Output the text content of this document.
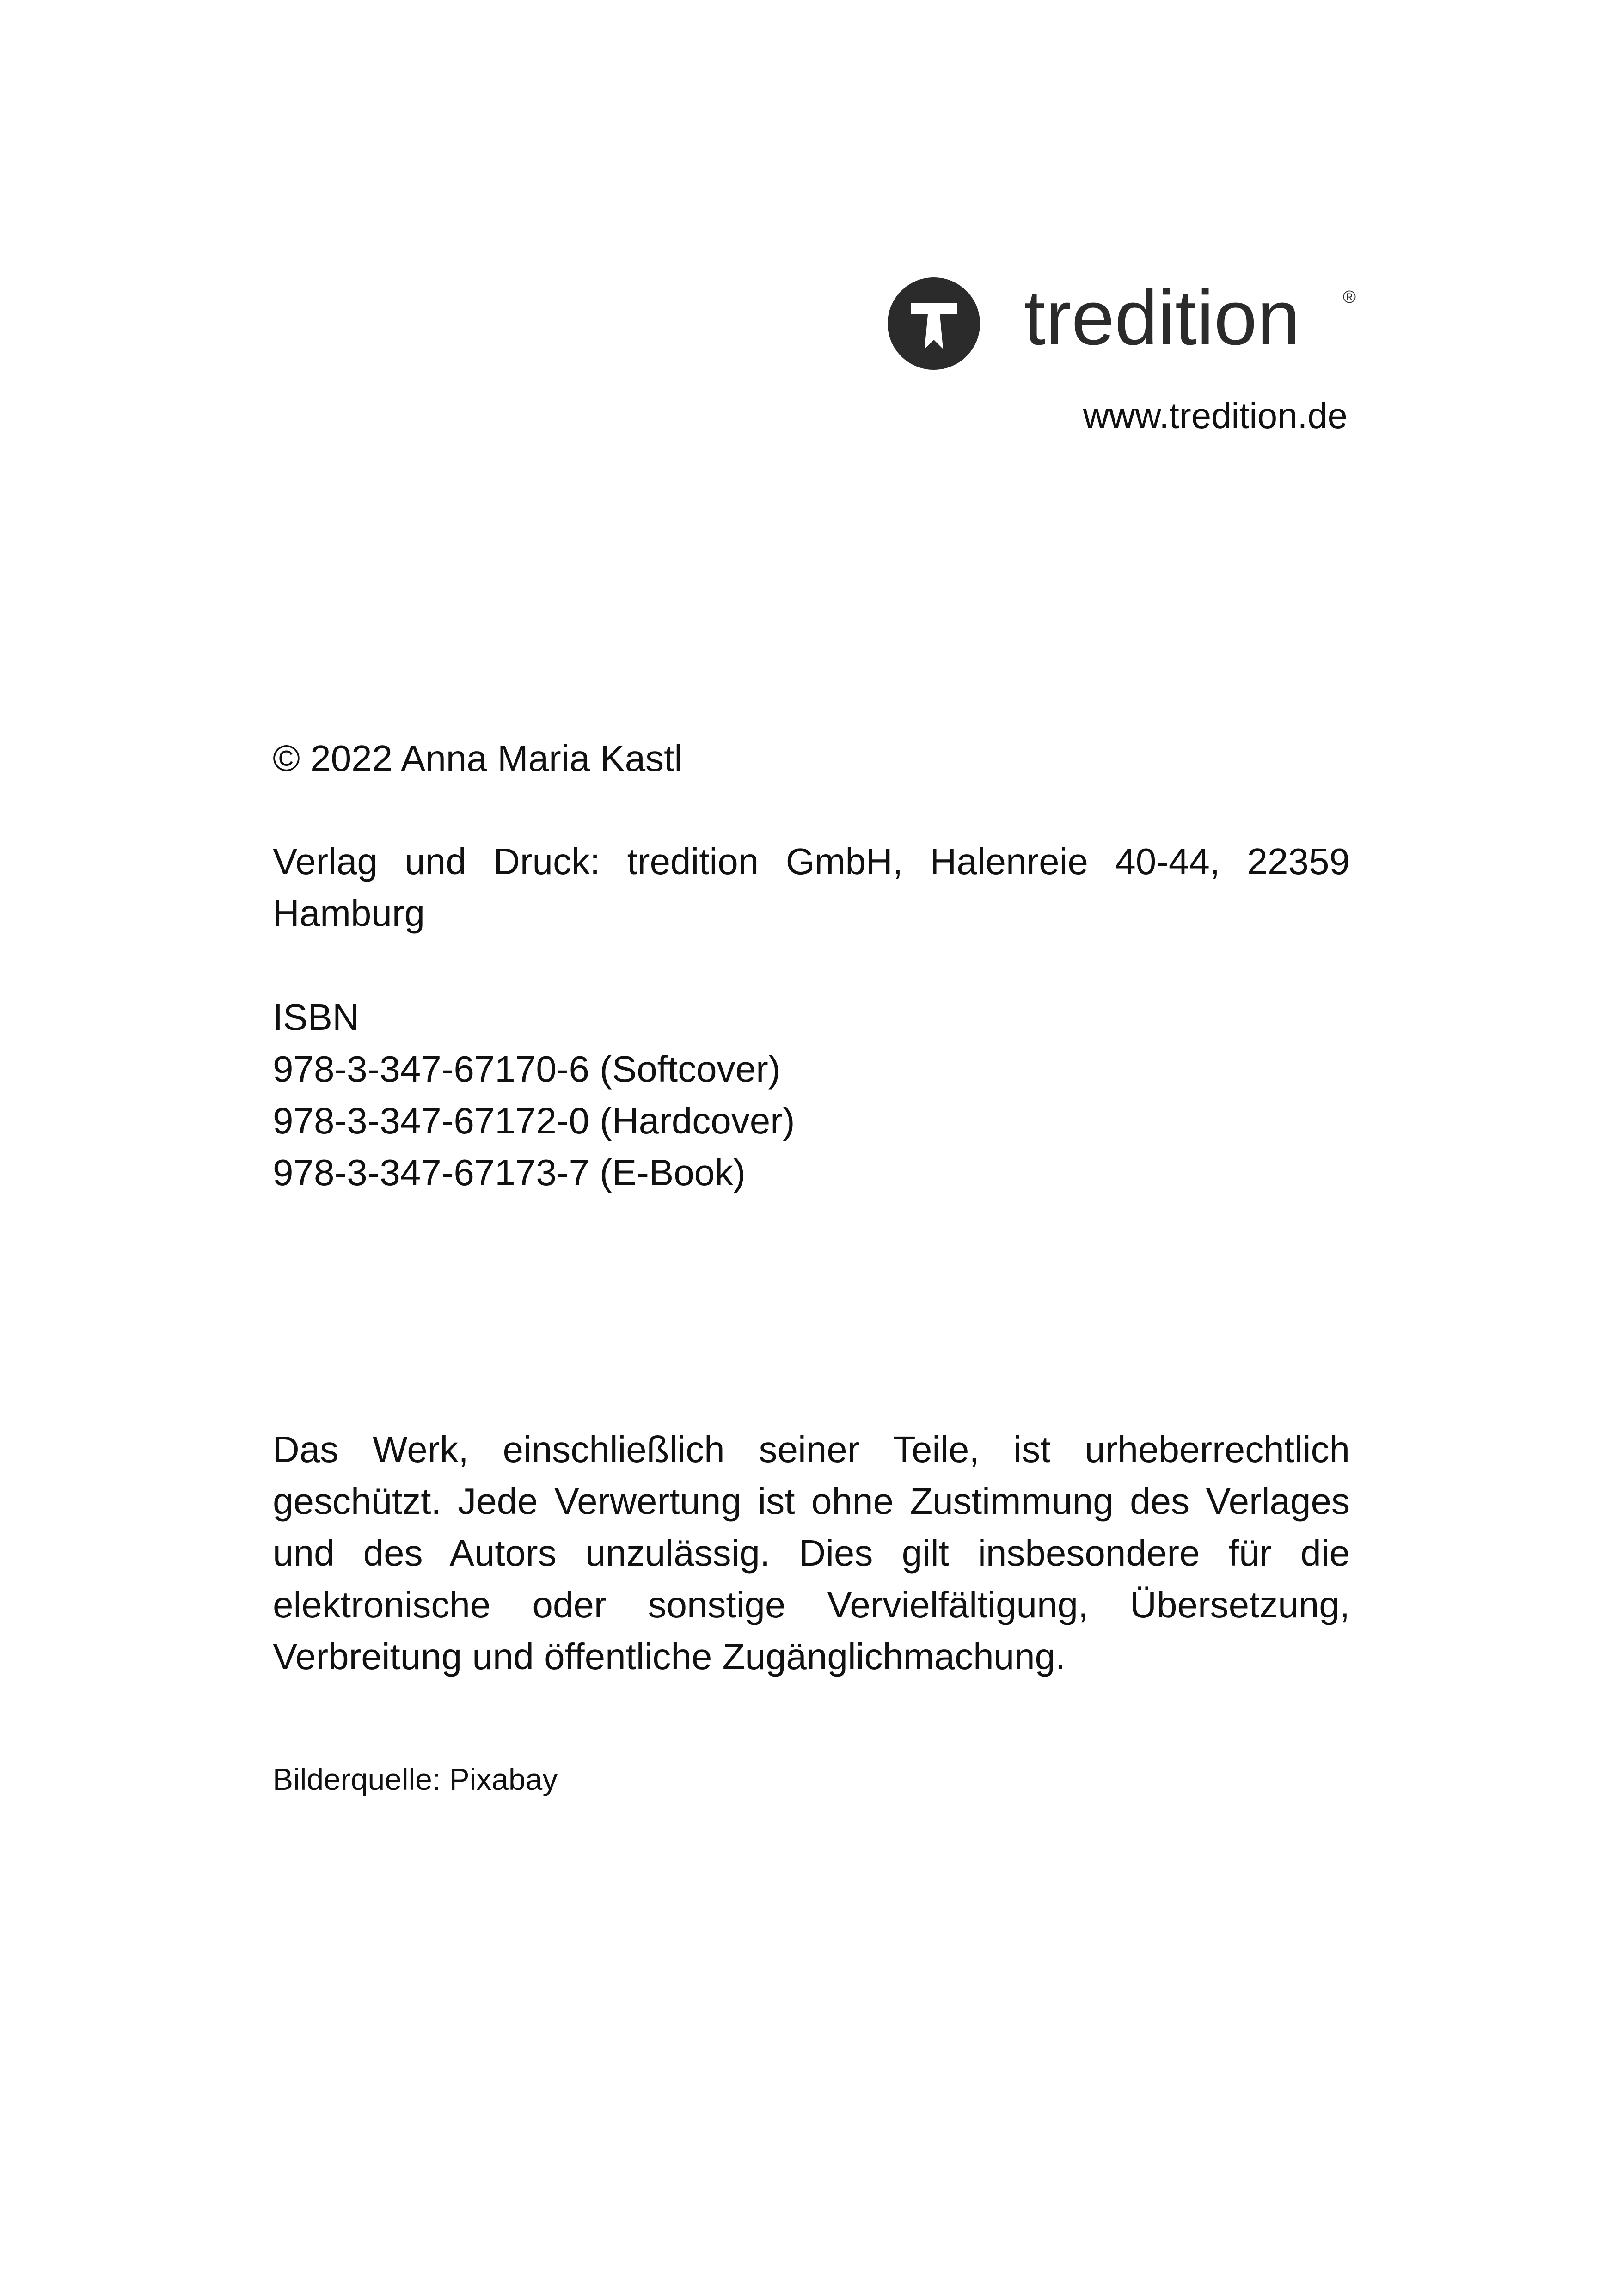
tredition ®
www.tredition.de
© 2022 Anna Maria Kastl
Verlag und Druck: tredition GmbH, Halenreie 40-44, 22359 Hamburg
ISBN
978-3-347-67170-6 (Softcover)
978-3-347-67172-0 (Hardcover)
978-3-347-67173-7 (E-Book)
Das Werk, einschließlich seiner Teile, ist urheberrechtlich geschützt. Jede Verwertung ist ohne Zustimmung des Verlages und des Autors unzulässig. Dies gilt insbesondere für die elektronische oder sonstige Vervielfältigung, Übersetzung, Verbreitung und öffentliche Zugänglichmachung.
Bilderquelle: Pixabay
